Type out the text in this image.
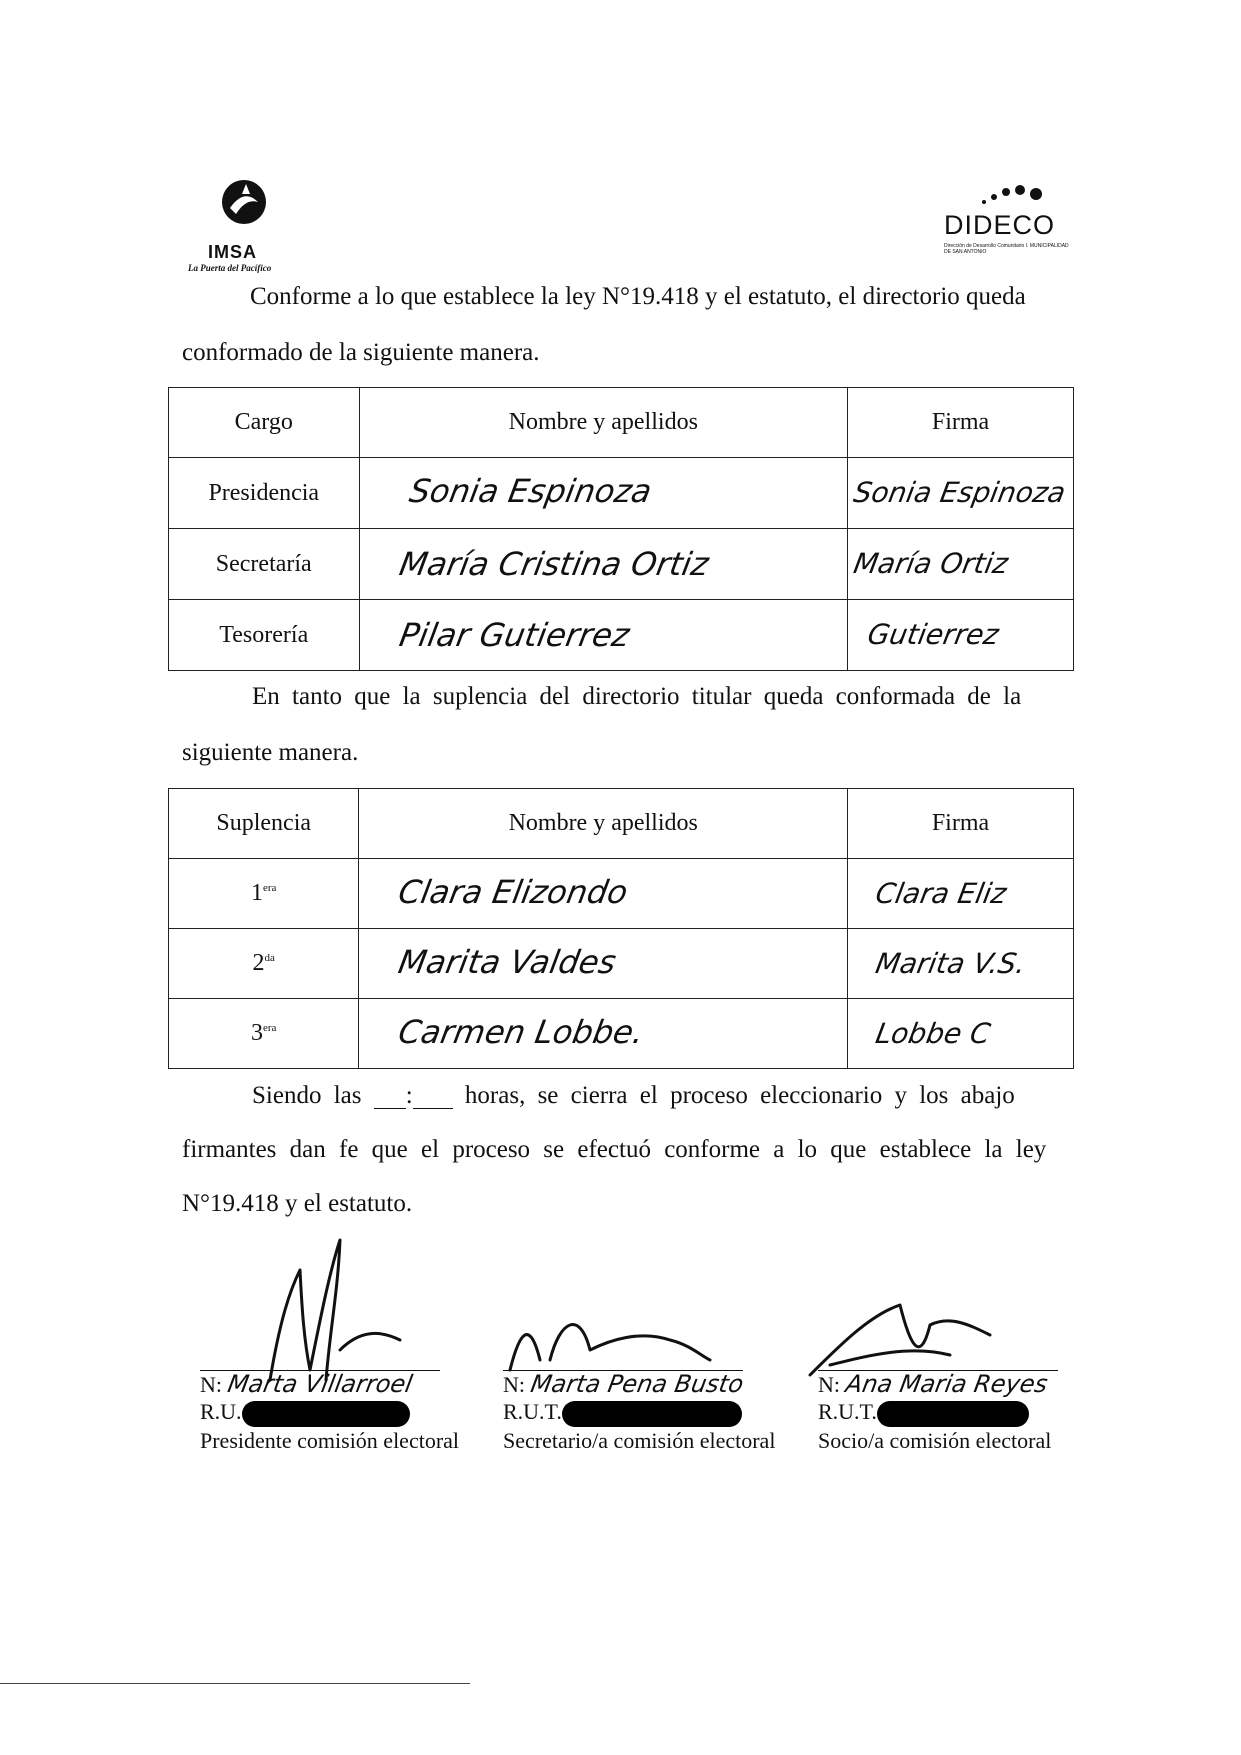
IMSA
La Puerta del Pacífico
DIDECO
Dirección de Desarrollo Comunitario I. MUNICIPALIDAD DE SAN ANTONIO
Conforme a lo que establece la ley N°19.418 y el estatuto, el directorio queda
conformado de la siguiente manera.
Cargo	Nombre y apellidos	Firma
Presidencia	Sonia Espinoza	Sonia Espinoza

Secretaría	María Cristina Ortiz	María Ortiz

Tesorería	Pilar Gutierrez	Gutierrez
En tanto que la suplencia del directorio titular queda conformada de la
siguiente manera.
Suplencia	Nombre y apellidos	Firma
$1^{era}$	Clara Elizondo	Clara Eliz

$2^{da}$	Marita Valdes	Marita V.S.

$3^{era}$	Carmen Lobbe.	Lobbe C
Siendo las : horas, se cierra el proceso eleccionario y los abajo
firmantes dan fe que el proceso se efectuó conforme a lo que establece la ley
N°19.418 y el estatuto.
N: Marta Villarroel
R.U.
Presidente comisión electoral
N: Marta Pena Busto
R.U.T.
Secretario/a comisión electoral
N: Ana Maria Reyes
R.U.T.
Socio/a comisión electoral
